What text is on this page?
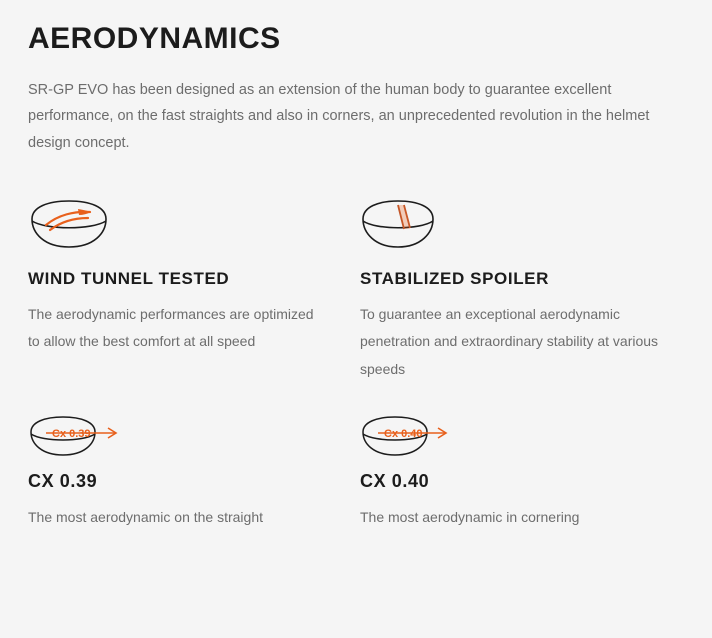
AERODYNAMICS

SR-GP EVO has been designed as an extension of the human body to guarantee excellent performance, on the fast straights and also in corners, an unprecedented revolution in the helmet design concept.

WIND TUNNEL TESTED

The aerodynamic performances are optimized to allow the best comfort at all speed

STABILIZED SPOILER

To guarantee an exceptional aerodynamic penetration and extraordinary stability at various speeds

Cx 0.39
CX 0.39

The most aerodynamic on the straight

Cx 0.40
CX 0.40

The most aerodynamic in cornering
